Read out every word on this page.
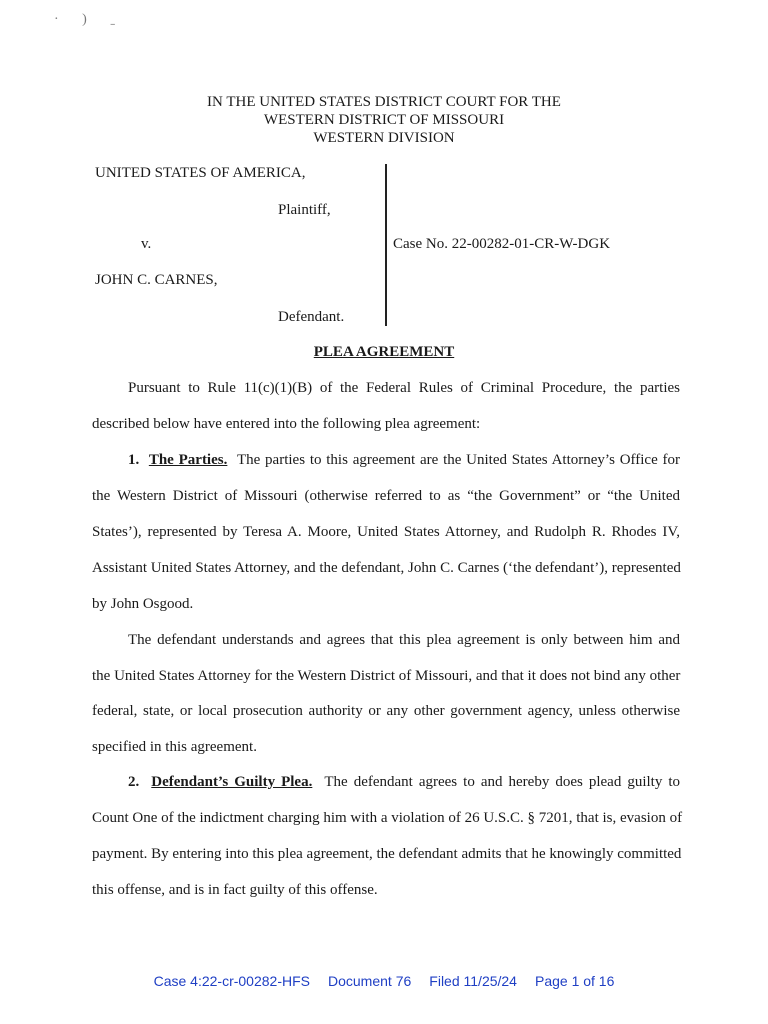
· ) ˍ
IN THE UNITED STATES DISTRICT COURT FOR THE
WESTERN DISTRICT OF MISSOURI
WESTERN DIVISION
UNITED STATES OF AMERICA,
Plaintiff,
v.
JOHN C. CARNES,
Defendant.
Case No. 22-00282-01-CR-W-DGK
PLEA AGREEMENT
Pursuant to Rule 11(c)(1)(B) of the Federal Rules of Criminal Procedure, the parties
described below have entered into the following plea agreement:
1. The Parties. The parties to this agreement are the United States Attorney’s Office for
the Western District of Missouri (otherwise referred to as “the Government” or “the United
States’), represented by Teresa A. Moore, United States Attorney, and Rudolph R. Rhodes IV,
Assistant United States Attorney, and the defendant, John C. Carnes (‘the defendant’), represented
by John Osgood.
The defendant understands and agrees that this plea agreement is only between him and
the United States Attorney for the Western District of Missouri, and that it does not bind any other
federal, state, or local prosecution authority or any other government agency, unless otherwise
specified in this agreement.
2. Defendant’s Guilty Plea. The defendant agrees to and hereby does plead guilty to
Count One of the indictment charging him with a violation of 26 U.S.C. § 7201, that is, evasion of
payment. By entering into this plea agreement, the defendant admits that he knowingly committed
this offense, and is in fact guilty of this offense.
Case 4:22-cr-00282-HFS Document 76 Filed 11/25/24 Page 1 of 16
